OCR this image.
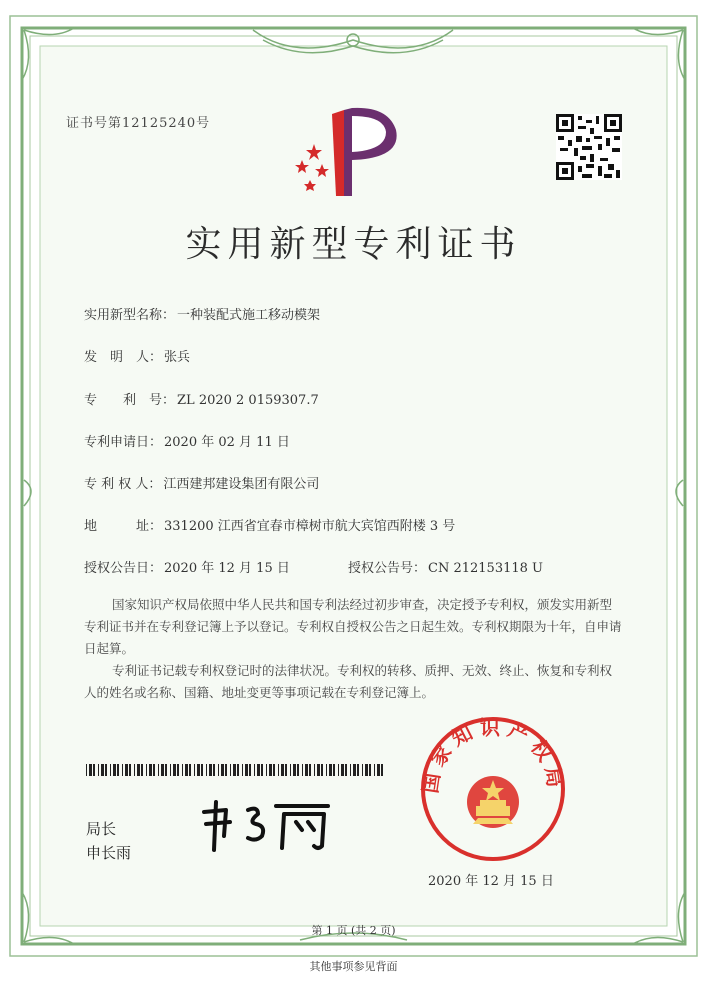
证书号第12125240号
实用新型专利证书
实用新型名称： 一种装配式施工移动模架
发　明　人： 张兵
专　　利　号： ZL 2020 2 0159307.7
专利申请日： 2020 年 02 月 11 日
专 利 权 人： 江西建邦建设集团有限公司
地　　　址： 331200 江西省宜春市樟树市航大宾馆西附楼 3 号
授权公告日： 2020 年 12 月 15 日	授权公告号： CN 212153118 U
国家知识产权局依照中华人民共和国专利法经过初步审查，决定授予专利权，颁发实用新型专利证书并在专利登记簿上予以登记。专利权自授权公告之日起生效。专利权期限为十年，自申请日起算。
专利证书记载专利权登记时的法律状况。专利权的转移、质押、无效、终止、恢复和专利权人的姓名或名称、国籍、地址变更等事项记载在专利登记簿上。
局长
申长雨
国家知识产权局
2020 年 12 月 15 日
第 1 页 (共 2 页)
其他事项参见背面
